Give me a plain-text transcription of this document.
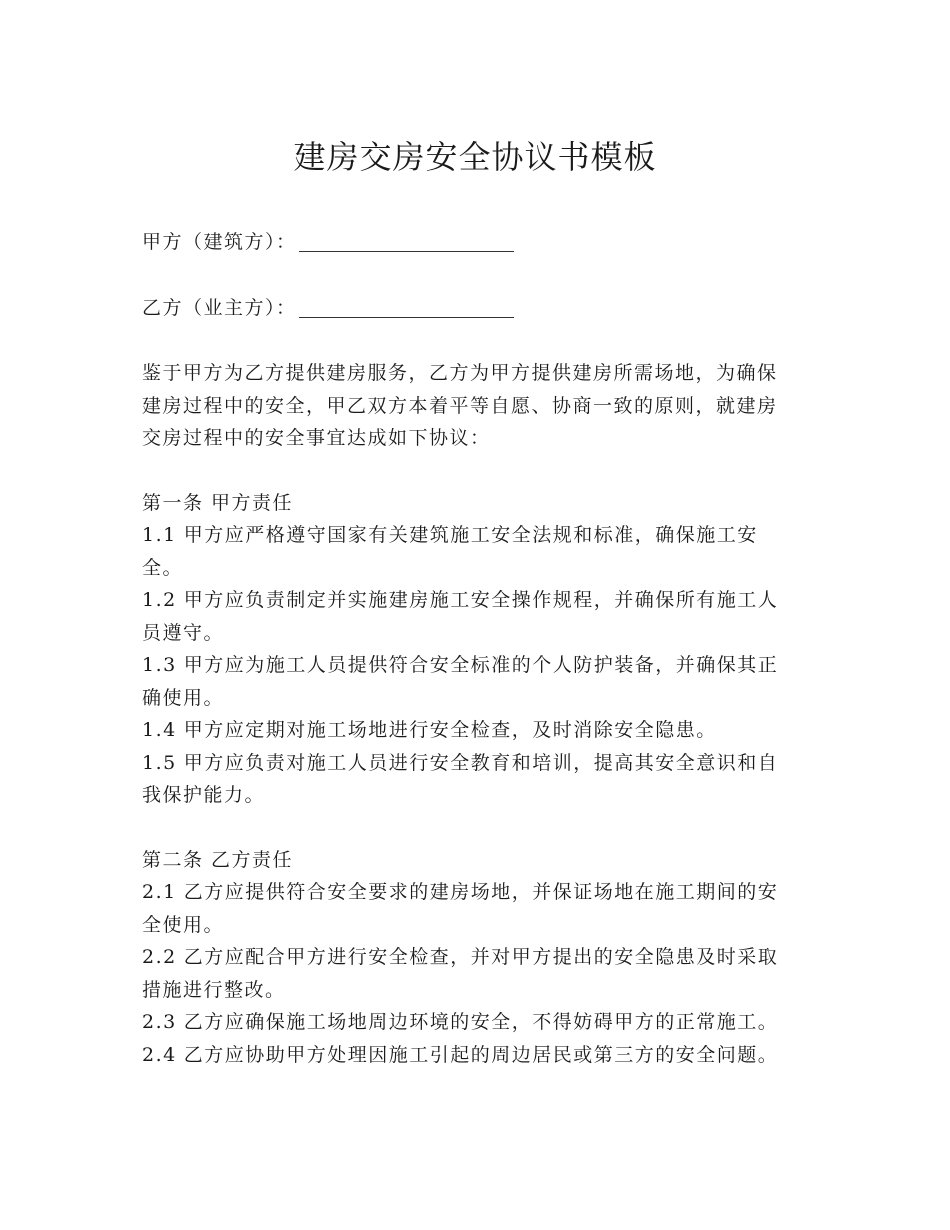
建房交房安全协议书模板

甲方（建筑方）：

乙方（业主方）：

鉴于甲方为乙方提供建房服务，乙方为甲方提供建房所需场地，为确保建房过程中的安全，甲乙双方本着平等自愿、协商一致的原则，就建房交房过程中的安全事宜达成如下协议：

第一条 甲方责任

1.1 甲方应严格遵守国家有关建筑施工安全法规和标准，确保施工安全。

1.2 甲方应负责制定并实施建房施工安全操作规程，并确保所有施工人员遵守。

1.3 甲方应为施工人员提供符合安全标准的个人防护装备，并确保其正确使用。

1.4 甲方应定期对施工场地进行安全检查，及时消除安全隐患。

1.5 甲方应负责对施工人员进行安全教育和培训，提高其安全意识和自我保护能力。

第二条 乙方责任

2.1 乙方应提供符合安全要求的建房场地，并保证场地在施工期间的安全使用。

2.2 乙方应配合甲方进行安全检查，并对甲方提出的安全隐患及时采取措施进行整改。

2.3 乙方应确保施工场地周边环境的安全，不得妨碍甲方的正常施工。

2.4 乙方应协助甲方处理因施工引起的周边居民或第三方的安全问题。
